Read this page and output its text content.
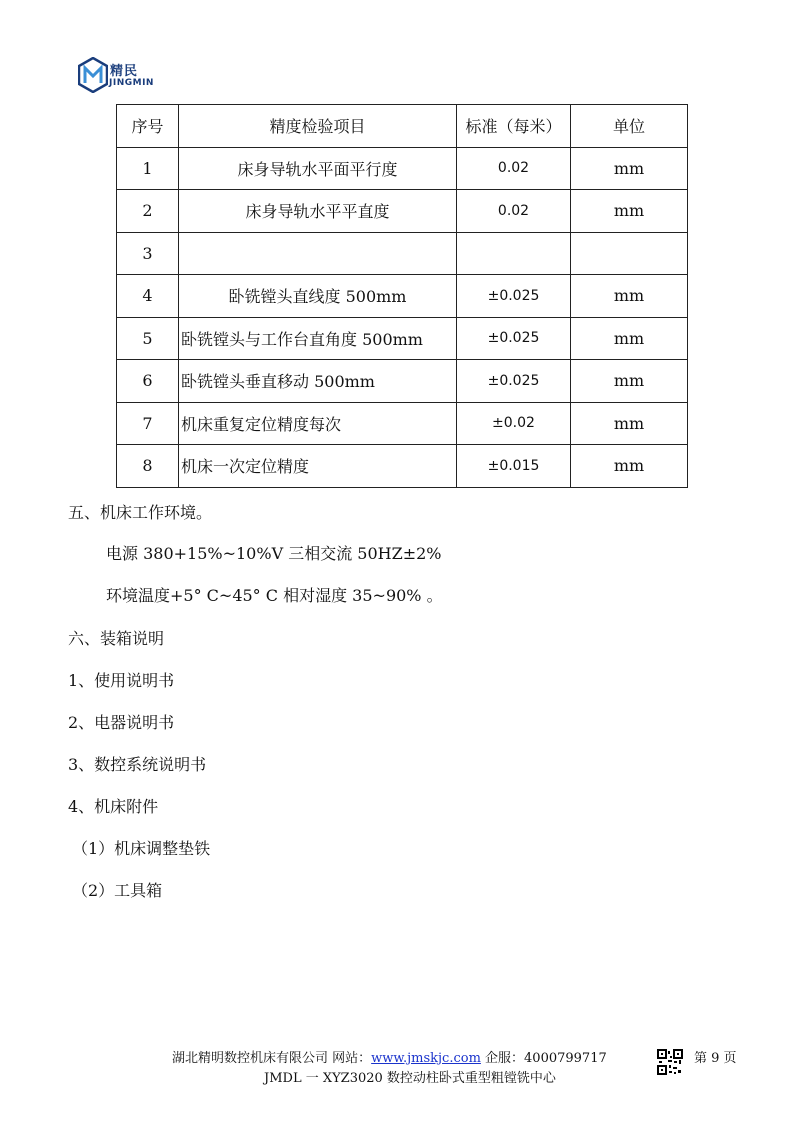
精民
JINGMIN
序号	精度检验项目	标准（每米）	单位
1	床身导轨水平面平行度	0.02	mm
2	床身导轨水平平直度	0.02	mm
3			
4	卧铣镗头直线度 500mm	±0.025	mm
5	卧铣镗头与工作台直角度 500mm	±0.025	mm
6	卧铣镗头垂直移动 500mm	±0.025	mm
7	机床重复定位精度每次	±0.02	mm
8	机床一次定位精度	±0.015	mm
五、机床工作环境。
电源 380+15%~10%V 三相交流 50HZ±2%
环境温度+5° C~45° C 相对湿度 35~90% 。
六、装箱说明
1、使用说明书
2、电器说明书
3、数控系统说明书
4、机床附件
（1）机床调整垫铁
（2）工具箱
湖北精明数控机床有限公司 网站：www.jmskjc.com 企服：4000799717
JMDL 一 XYZ3020 数控动柱卧式重型粗镗铣中心
第 9 页
